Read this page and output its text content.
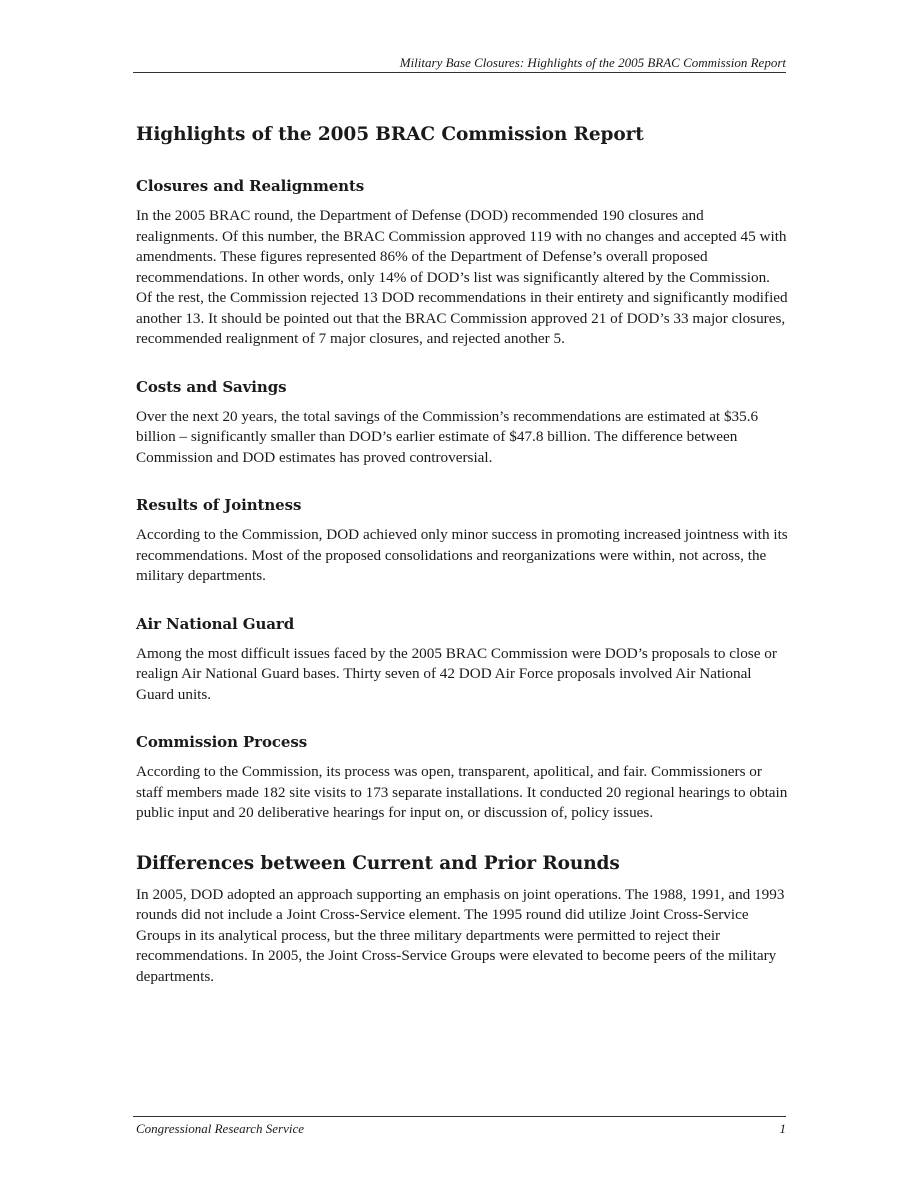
Military Base Closures: Highlights of the 2005 BRAC Commission Report
Highlights of the 2005 BRAC Commission Report
Closures and Realignments

In the 2005 BRAC round, the Department of Defense (DOD) recommended 190 closures and realignments. Of this number, the BRAC Commission approved 119 with no changes and accepted 45 with amendments. These figures represented 86% of the Department of Defense’s overall proposed recommendations. In other words, only 14% of DOD’s list was significantly altered by the Commission. Of the rest, the Commission rejected 13 DOD recommendations in their entirety and significantly modified another 13. It should be pointed out that the BRAC Commission approved 21 of DOD’s 33 major closures, recommended realignment of 7 major closures, and rejected another 5.

Costs and Savings

Over the next 20 years, the total savings of the Commission’s recommendations are estimated at $35.6 billion – significantly smaller than DOD’s earlier estimate of $47.8 billion. The difference between Commission and DOD estimates has proved controversial.

Results of Jointness

According to the Commission, DOD achieved only minor success in promoting increased jointness with its recommendations. Most of the proposed consolidations and reorganizations were within, not across, the military departments.

Air National Guard

Among the most difficult issues faced by the 2005 BRAC Commission were DOD’s proposals to close or realign Air National Guard bases. Thirty seven of 42 DOD Air Force proposals involved Air National Guard units.

Commission Process

According to the Commission, its process was open, transparent, apolitical, and fair. Commissioners or staff members made 182 site visits to 173 separate installations. It conducted 20 regional hearings to obtain public input and 20 deliberative hearings for input on, or discussion of, policy issues.

Differences between Current and Prior Rounds

In 2005, DOD adopted an approach supporting an emphasis on joint operations. The 1988, 1991, and 1993 rounds did not include a Joint Cross-Service element. The 1995 round did utilize Joint Cross-Service Groups in its analytical process, but the three military departments were permitted to reject their recommendations. In 2005, the Joint Cross-Service Groups were elevated to become peers of the military departments.

Congressional Research Service	1
